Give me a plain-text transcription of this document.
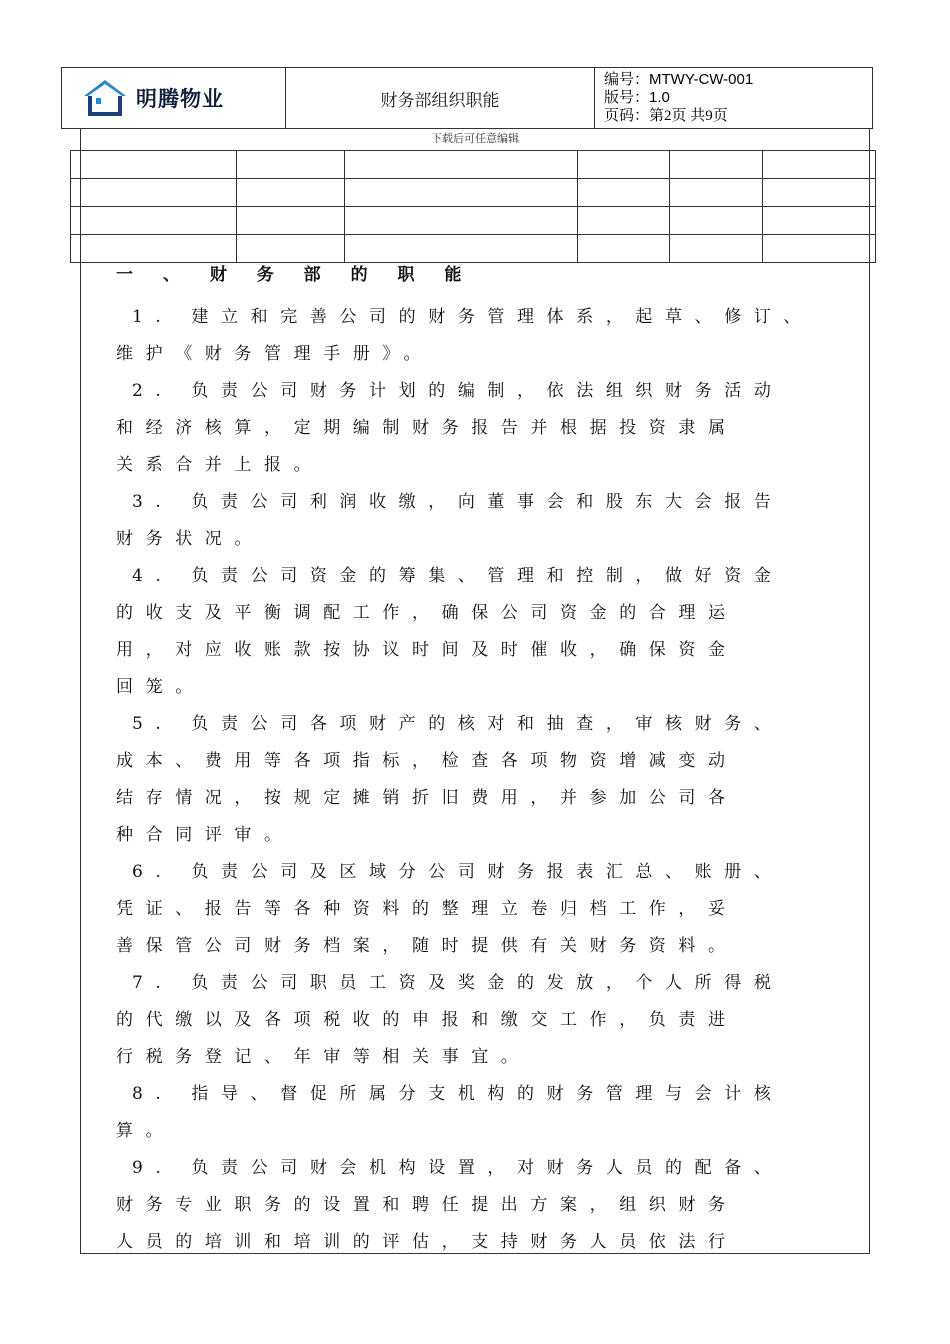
明腾物业	财务部组织职能
编号：MTWY-CW-001
版号：1.0
页码：第2页 共9页
下载后可任意编辑

一 、 财 务 部 的 职 能

1. 建立和完善公司的财务管理体系，起草、修订、

维护《财务管理手册》。

2. 负责公司财务计划的编制，依法组织财务活动

和经济核算，定期编制财务报告并根据投资隶属

关系合并上报。

3. 负责公司利润收缴，向董事会和股东大会报告

财务状况。

4. 负责公司资金的筹集、管理和控制，做好资金

的收支及平衡调配工作，确保公司资金的合理运

用，对应收账款按协议时间及时催收，确保资金

回笼。

5. 负责公司各项财产的核对和抽查，审核财务、

成本、费用等各项指标，检查各项物资增减变动

结存情况，按规定摊销折旧费用，并参加公司各

种合同评审。

6. 负责公司及区域分公司财务报表汇总、账册、

凭证、报告等各种资料的整理立卷归档工作，妥

善保管公司财务档案，随时提供有关财务资料。

7. 负责公司职员工资及奖金的发放，个人所得税

的代缴以及各项税收的申报和缴交工作，负责进

行税务登记、年审等相关事宜。

8. 指导、督促所属分支机构的财务管理与会计核

算。

9. 负责公司财会机构设置，对财务人员的配备、

财务专业职务的设置和聘任提出方案，组织财务

人员的培训和培训的评估，支持财务人员依法行
